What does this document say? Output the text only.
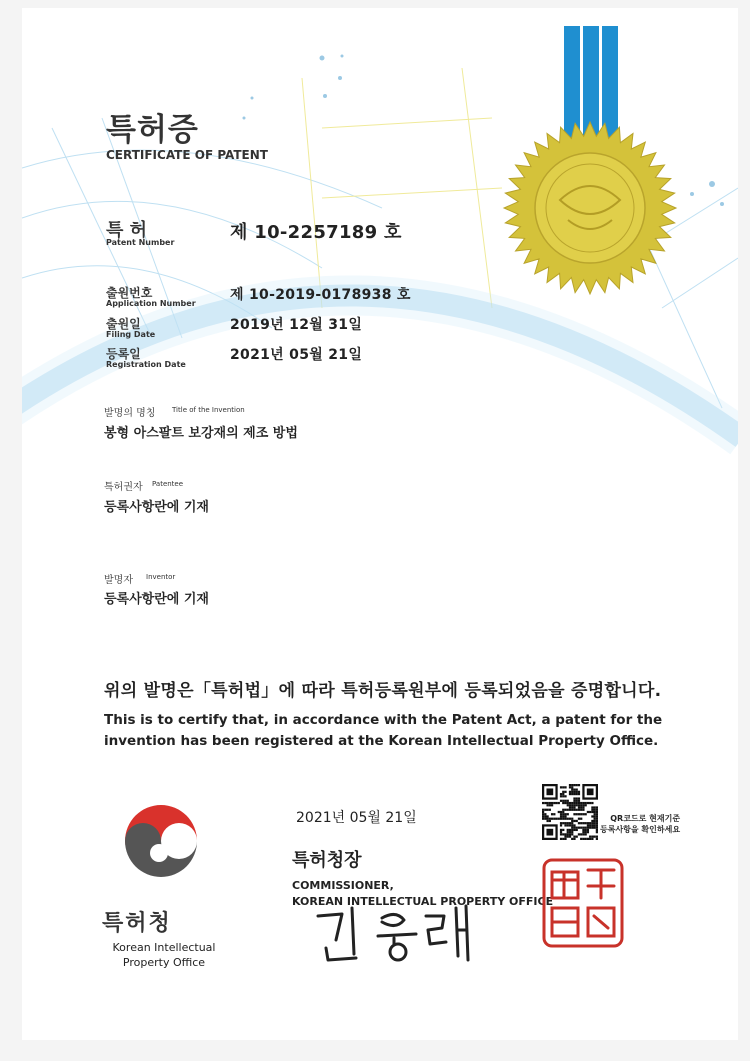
특허증
CERTIFICATE OF PATENT
특 허
Patent Number	제 10-2257189 호
출원번호
Application Number
제 10-2019-0178938 호
출원일
Filing Date
2019년 12월 31일
등록일
Registration Date
2021년 05월 21일
발명의 명칭 Title of the Invention
봉형 아스팔트 보강재의 제조 방법
특허권자 Patentee
등록사항란에 기재
발명자 Inventor
등록사항란에 기재
위의 발명은「특허법」에 따라 특허등록원부에 등록되었음을 증명합니다.
This is to certify that, in accordance with the Patent Act, a patent for the invention has been registered at the Korean Intellectual Property Office.
2021년 05월 21일
특허청
Korean Intellectual
Property Office
특허청장
COMMISSIONER,
KOREAN INTELLECTUAL PROPERTY OFFICE
QR코드로 현재기준
등록사항을 확인하세요
